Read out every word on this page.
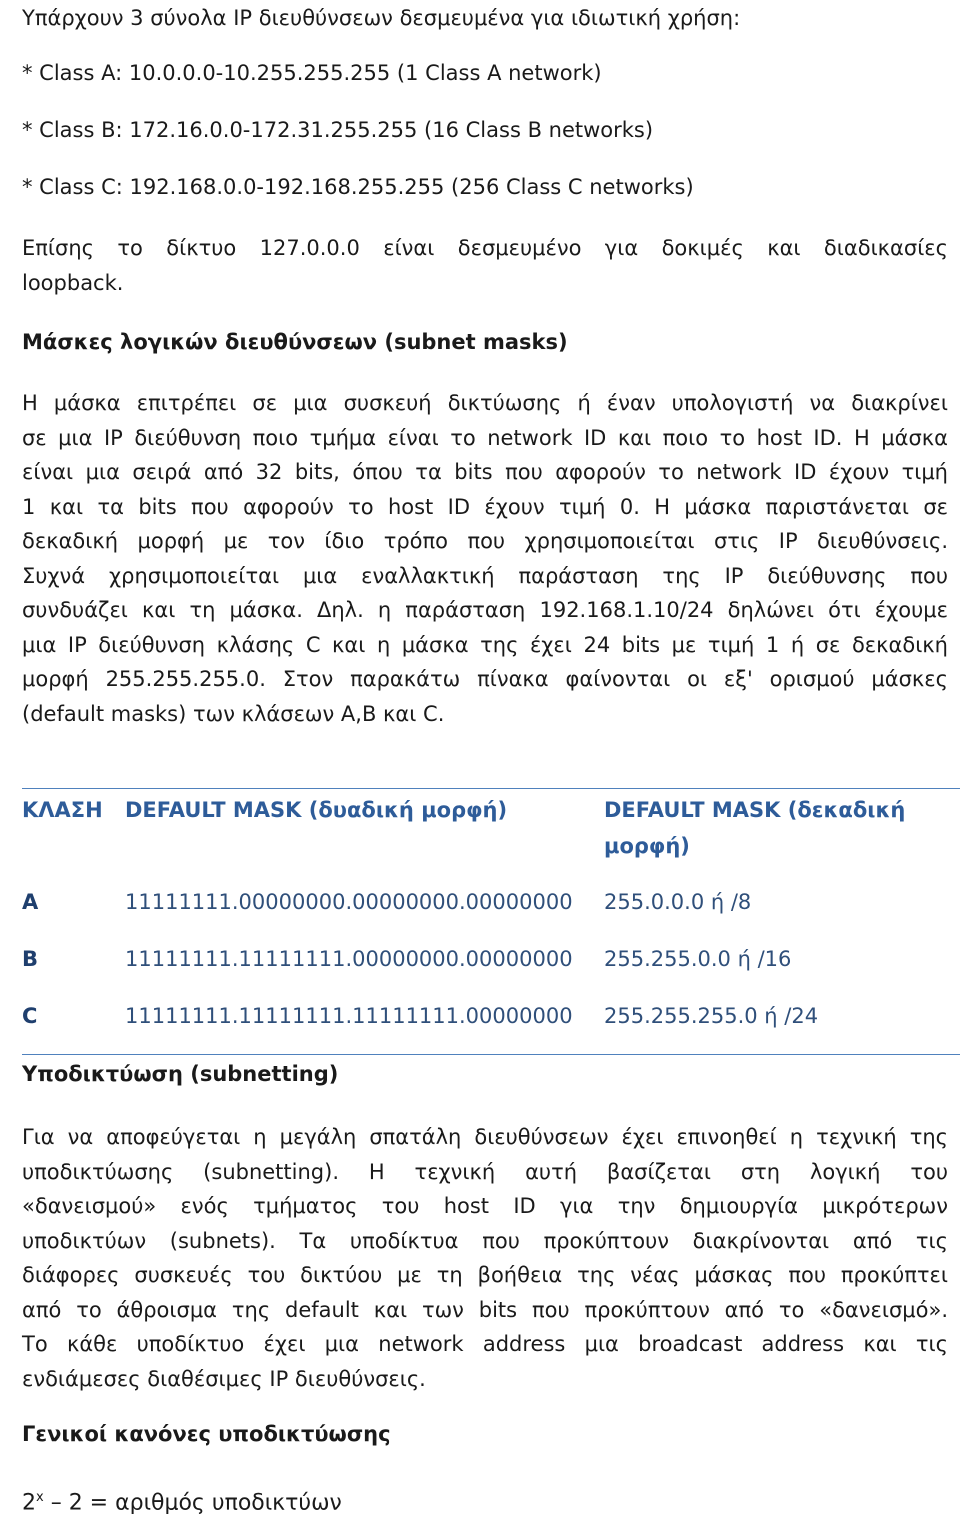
Υπάρχουν 3 σύνολα IP διευθύνσεων δεσμευμένα για ιδιωτική χρήση:
* Class A: 10.0.0.0-10.255.255.255 (1 Class A network)
* Class B: 172.16.0.0-172.31.255.255 (16 Class B networks)
* Class C: 192.168.0.0-192.168.255.255 (256 Class C networks)
Επίσης το δίκτυο 127.0.0.0 είναι δεσμευμένο για δοκιμές και διαδικασίες
loopback.
Μάσκες λογικών διευθύνσεων (subnet masks)
Η μάσκα επιτρέπει σε μια συσκευή δικτύωσης ή έναν υπολογιστή να διακρίνει
σε μια IP διεύθυνση ποιο τμήμα είναι το network ID και ποιο το host ID. Η μάσκα
είναι μια σειρά από 32 bits, όπου τα bits που αφορούν το network ID έχουν τιμή
1 και τα bits που αφορούν το host ID έχουν τιμή 0. Η μάσκα παριστάνεται σε
δεκαδική μορφή με τον ίδιο τρόπο που χρησιμοποιείται στις IP διευθύνσεις.
Συχνά χρησιμοποιείται μια εναλλακτική παράσταση της IP διεύθυνσης που
συνδυάζει και τη μάσκα. Δηλ. η παράσταση 192.168.1.10/24 δηλώνει ότι έχουμε
μια IP διεύθυνση κλάσης C και η μάσκα της έχει 24 bits με τιμή 1 ή σε δεκαδική
μορφή 255.255.255.0. Στον παρακάτω πίνακα φαίνονται οι εξ' ορισμού μάσκες
(default masks) των κλάσεων A,B και C.
ΚΛΑΣΗ DEFAULT MASK (δυαδική μορφή)	DEFAULT MASK (δεκαδική
μορφή)
A	11111111.00000000.00000000.00000000 255.0.0.0 ή /8
B	11111111.11111111.00000000.00000000 255.255.0.0 ή /16
C	11111111.11111111.11111111.00000000 255.255.255.0 ή /24
Υποδικτύωση (subnetting)
Για να αποφεύγεται η μεγάλη σπατάλη διευθύνσεων έχει επινοηθεί η τεχνική της
υποδικτύωσης (subnetting). Η τεχνική αυτή βασίζεται στη λογική του
«δανεισμού» ενός τμήματος του host ID για την δημιουργία μικρότερων
υποδικτύων (subnets). Τα υποδίκτυα που προκύπτουν διακρίνονται από τις
διάφορες συσκευές του δικτύου με τη βοήθεια της νέας μάσκας που προκύπτει
από το άθροισμα της default και των bits που προκύπτουν από το «δανεισμό».
Το κάθε υποδίκτυο έχει μια network address μια broadcast address και τις
ενδιάμεσες διαθέσιμες IP διευθύνσεις.
Γενικοί κανόνες υποδικτύωσης
2$^x$ – 2 = αριθμός υποδικτύων
